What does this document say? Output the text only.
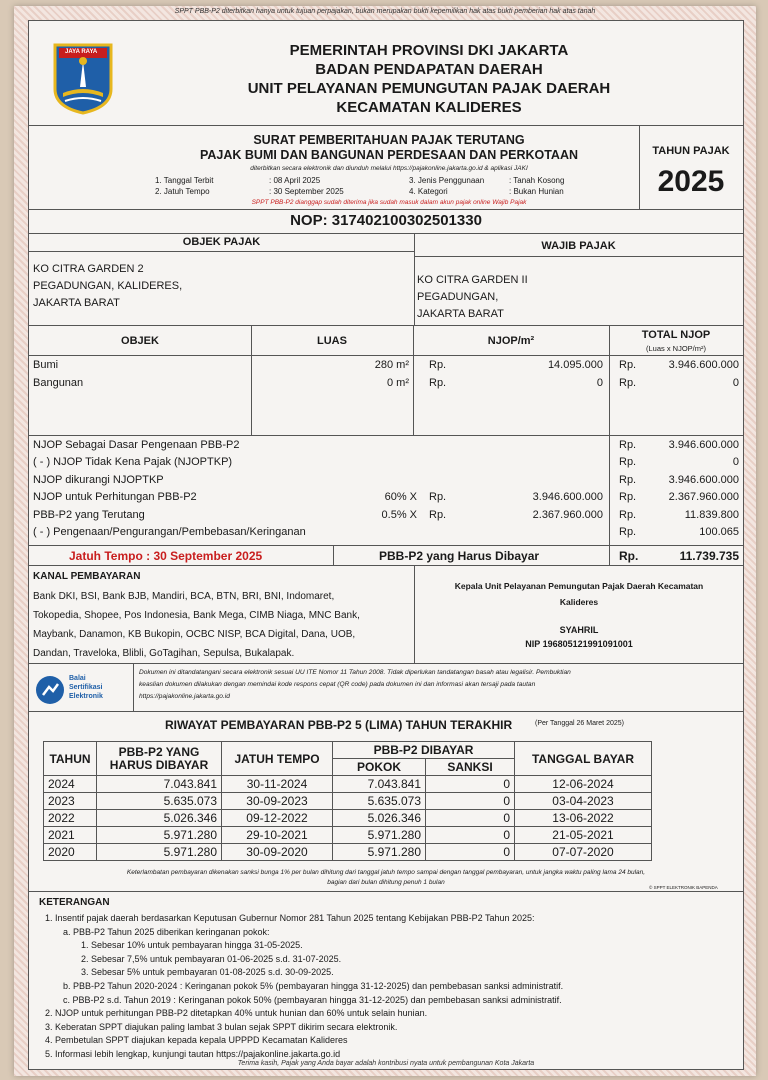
SPPT PBB-P2 diterbitkan hanya untuk tujuan perpajakan, bukan merupakan bukti kepemilikan hak atas bukti pemberian hak atas tanah
JAYA RAYA	PEMERINTAH PROVINSI DKI JAKARTA
BADAN PENDAPATAN DAERAH
UNIT PELAYANAN PEMUNGUTAN PAJAK DAERAH
KECAMATAN KALIDERES
SURAT PEMBERITAHUAN PAJAK TERUTANG
PAJAK BUMI DAN BANGUNAN PERDESAAN DAN PERKOTAAN
diterbitkan secara elektronik dan diunduh melalui https://pajakonline.jakarta.go.id & aplikasi JAKI
1. Tanggal Terbit	: 08 April 2025
2. Jatuh Tempo	: 30 September 2025
3. Jenis Penggunaan	: Tanah Kosong
4. Kategori	: Bukan Hunian
SPPT PBB-P2 dianggap sudah diterima jika sudah masuk dalam akun pajak online Wajib Pajak
TAHUN PAJAK
2025
NOP: 317402100302501330
OBJEK PAJAK	WAJIB PAJAK
KO CITRA GARDEN 2
PEGADUNGAN, KALIDERES,
JAKARTA BARAT
KO CITRA GARDEN II
PEGADUNGAN,
JAKARTA BARAT
OBJEK	LUAS	NJOP/m²	TOTAL NJOP
(Luas x NJOP/m²)
Bumi	280 m² Rp.	14.095.000 Rp.	3.946.600.000
Bangunan	0 m² Rp.	0 Rp.	0
NJOP Sebagai Dasar Pengenaan PBB-P2	Rp.	3.946.600.000
( - ) NJOP Tidak Kena Pajak (NJOPTKP)	Rp.	0
NJOP dikurangi NJOPTKP	Rp.	3.946.600.000
NJOP untuk Perhitungan PBB-P2	60% X Rp.	3.946.600.000 Rp.	2.367.960.000
PBB-P2 yang Terutang	0.5% X Rp.	2.367.960.000 Rp.	11.839.800
( - ) Pengenaan/Pengurangan/Pembebasan/Keringanan	Rp.	100.065
Jatuh Tempo : 30 September 2025	PBB-P2 yang Harus Dibayar	Rp.	11.739.735
KANAL PEMBAYARAN
Bank DKI, BSI, Bank BJB, Mandiri, BCA, BTN, BRI, BNI, Indomaret,
Tokopedia, Shopee, Pos Indonesia, Bank Mega, CIMB Niaga, MNC Bank,
Maybank, Danamon, KB Bukopin, OCBC NISP, BCA Digital, Dana, UOB,
Dandan, Traveloka, Blibli, GoTagihan, Sepulsa, Bukalapak.
Kepala Unit Pelayanan Pemungutan Pajak Daerah Kecamatan
Kalideres
SYAHRIL
NIP 196805121991091001
Balai
Sertifikasi
Elektronik
Dokumen ini ditandatangani secara elektronik sesuai UU ITE Nomor 11 Tahun 2008. Tidak diperlukan tandatangan basah atau legalisir. Pembuktian
keaslian dokumen dilakukan dengan memindai kode respons cepat (QR code) pada dokumen ini dan informasi akan tersaji pada tautan
https://pajakonline.jakarta.go.id
RIWAYAT PEMBAYARAN PBB-P2 5 (LIMA) TAHUN TERAKHIR	(Per Tanggal 26 Maret 2025)
TAHUN	PBB-P2 YANG
HARUS DIBAYAR	JATUH TEMPO	PBB-P2 DIBAYAR		TANGGAL BAYAR
			POKOK	SANKSI	
2024	7.043.841	30-11-2024	7.043.841	0	12-06-2024
2023	5.635.073	30-09-2023	5.635.073	0	03-04-2023
2022	5.026.346	09-12-2022	5.026.346	0	13-06-2022
2021	5.971.280	29-10-2021	5.971.280	0	21-05-2021
2020	5.971.280	30-09-2020	5.971.280	0	07-07-2020
Keterlambatan pembayaran dikenakan sanksi bunga 1% per bulan dihitung dari tanggal jatuh tempo sampai dengan tanggal pembayaran, untuk jangka waktu paling lama 24 bulan,
bagian dari bulan dihitung penuh 1 bulan
© SPPT ELEKTRONIK BAPENDA
KETERANGAN
1. Insentif pajak daerah berdasarkan Keputusan Gubernur Nomor 281 Tahun 2025 tentang Kebijakan PBB-P2 Tahun 2025:
a. PBB-P2 Tahun 2025 diberikan keringanan pokok:
1. Sebesar 10% untuk pembayaran hingga 31-05-2025.
2. Sebesar 7,5% untuk pembayaran 01-06-2025 s.d. 31-07-2025.
3. Sebesar 5% untuk pembayaran 01-08-2025 s.d. 30-09-2025.
b. PBB-P2 Tahun 2020-2024 : Keringanan pokok 5% (pembayaran hingga 31-12-2025) dan pembebasan sanksi administratif.
c. PBB-P2 s.d. Tahun 2019 : Keringanan pokok 50% (pembayaran hingga 31-12-2025) dan pembebasan sanksi administratif.
2. NJOP untuk perhitungan PBB-P2 ditetapkan 40% untuk hunian dan 60% untuk selain hunian.
3. Keberatan SPPT diajukan paling lambat 3 bulan sejak SPPT dikirim secara elektronik.
4. Pembetulan SPPT diajukan kepada kepala UPPPD Kecamatan Kalideres
5. Informasi lebih lengkap, kunjungi tautan https://pajakonline.jakarta.go.id
Terima kasih, Pajak yang Anda bayar adalah kontribusi nyata untuk pembangunan Kota Jakarta
